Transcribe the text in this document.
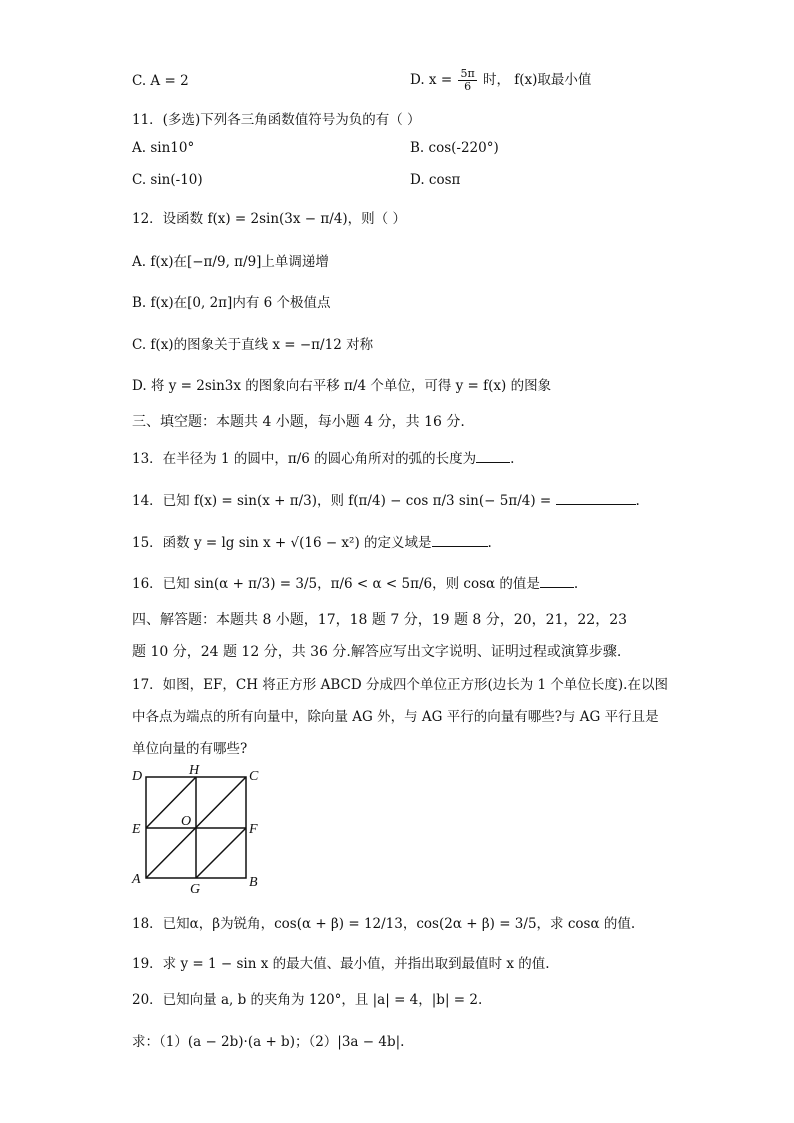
C. A = 2	D. $x = \frac{5\pi}{6}$ 时， f(x)取最小值
11．(多选)下列各三角函数值符号为负的有（ ）
A. sin10°	B. cos(-220°)
C. sin(-10)	D. cosπ
12．设函数 f(x) = 2sin(3x − π/4)，则（ ）
A. f(x)在[−π/9, π/9]上单调递增
B. f(x)在[0, 2π]内有 6 个极值点
C. f(x)的图象关于直线 x = −π/12 对称
D. 将 y = 2sin3x 的图象向右平移 π/4 个单位，可得 y = f(x) 的图象
三、填空题：本题共 4 小题，每小题 4 分，共 16 分.
13．在半径为 1 的圆中，π/6 的圆心角所对的弧的长度为	.
14．已知 f(x) = sin(x + π/3)，则 f(π/4) − cos π/3 sin(− 5π/4) =	.
15．函数 y = lg sin x + √(16 − x²) 的定义域是	.
16．已知 sin(α + π/3) = 3/5，π/6 < α < 5π/6，则 cosα 的值是	.
四、解答题：本题共 8 小题，17，18 题 7 分，19 题 8 分，20，21，22，23
题 10 分，24 题 12 分，共 36 分.解答应写出文字说明、证明过程或演算步骤.
17．如图，EF，CH 将正方形 ABCD 分成四个单位正方形(边长为 1 个单位长度).在以图
中各点为端点的所有向量中，除向量 AG 外，与 AG 平行的向量有哪些?与 AG 平行且是
单位向量的有哪些?
D	H	C
E
O
F
A
G	B
18．已知α，β为锐角，cos(α + β) = 12/13，cos(2α + β) = 3/5，求 cosα 的值.
19．求 y = 1 − sin x 的最大值、最小值，并指出取到最值时 x 的值.
20．已知向量 a, b 的夹角为 120°，且 |a| = 4，|b| = 2.
求：（1）(a − 2b)·(a + b)；（2）|3a − 4b|.
